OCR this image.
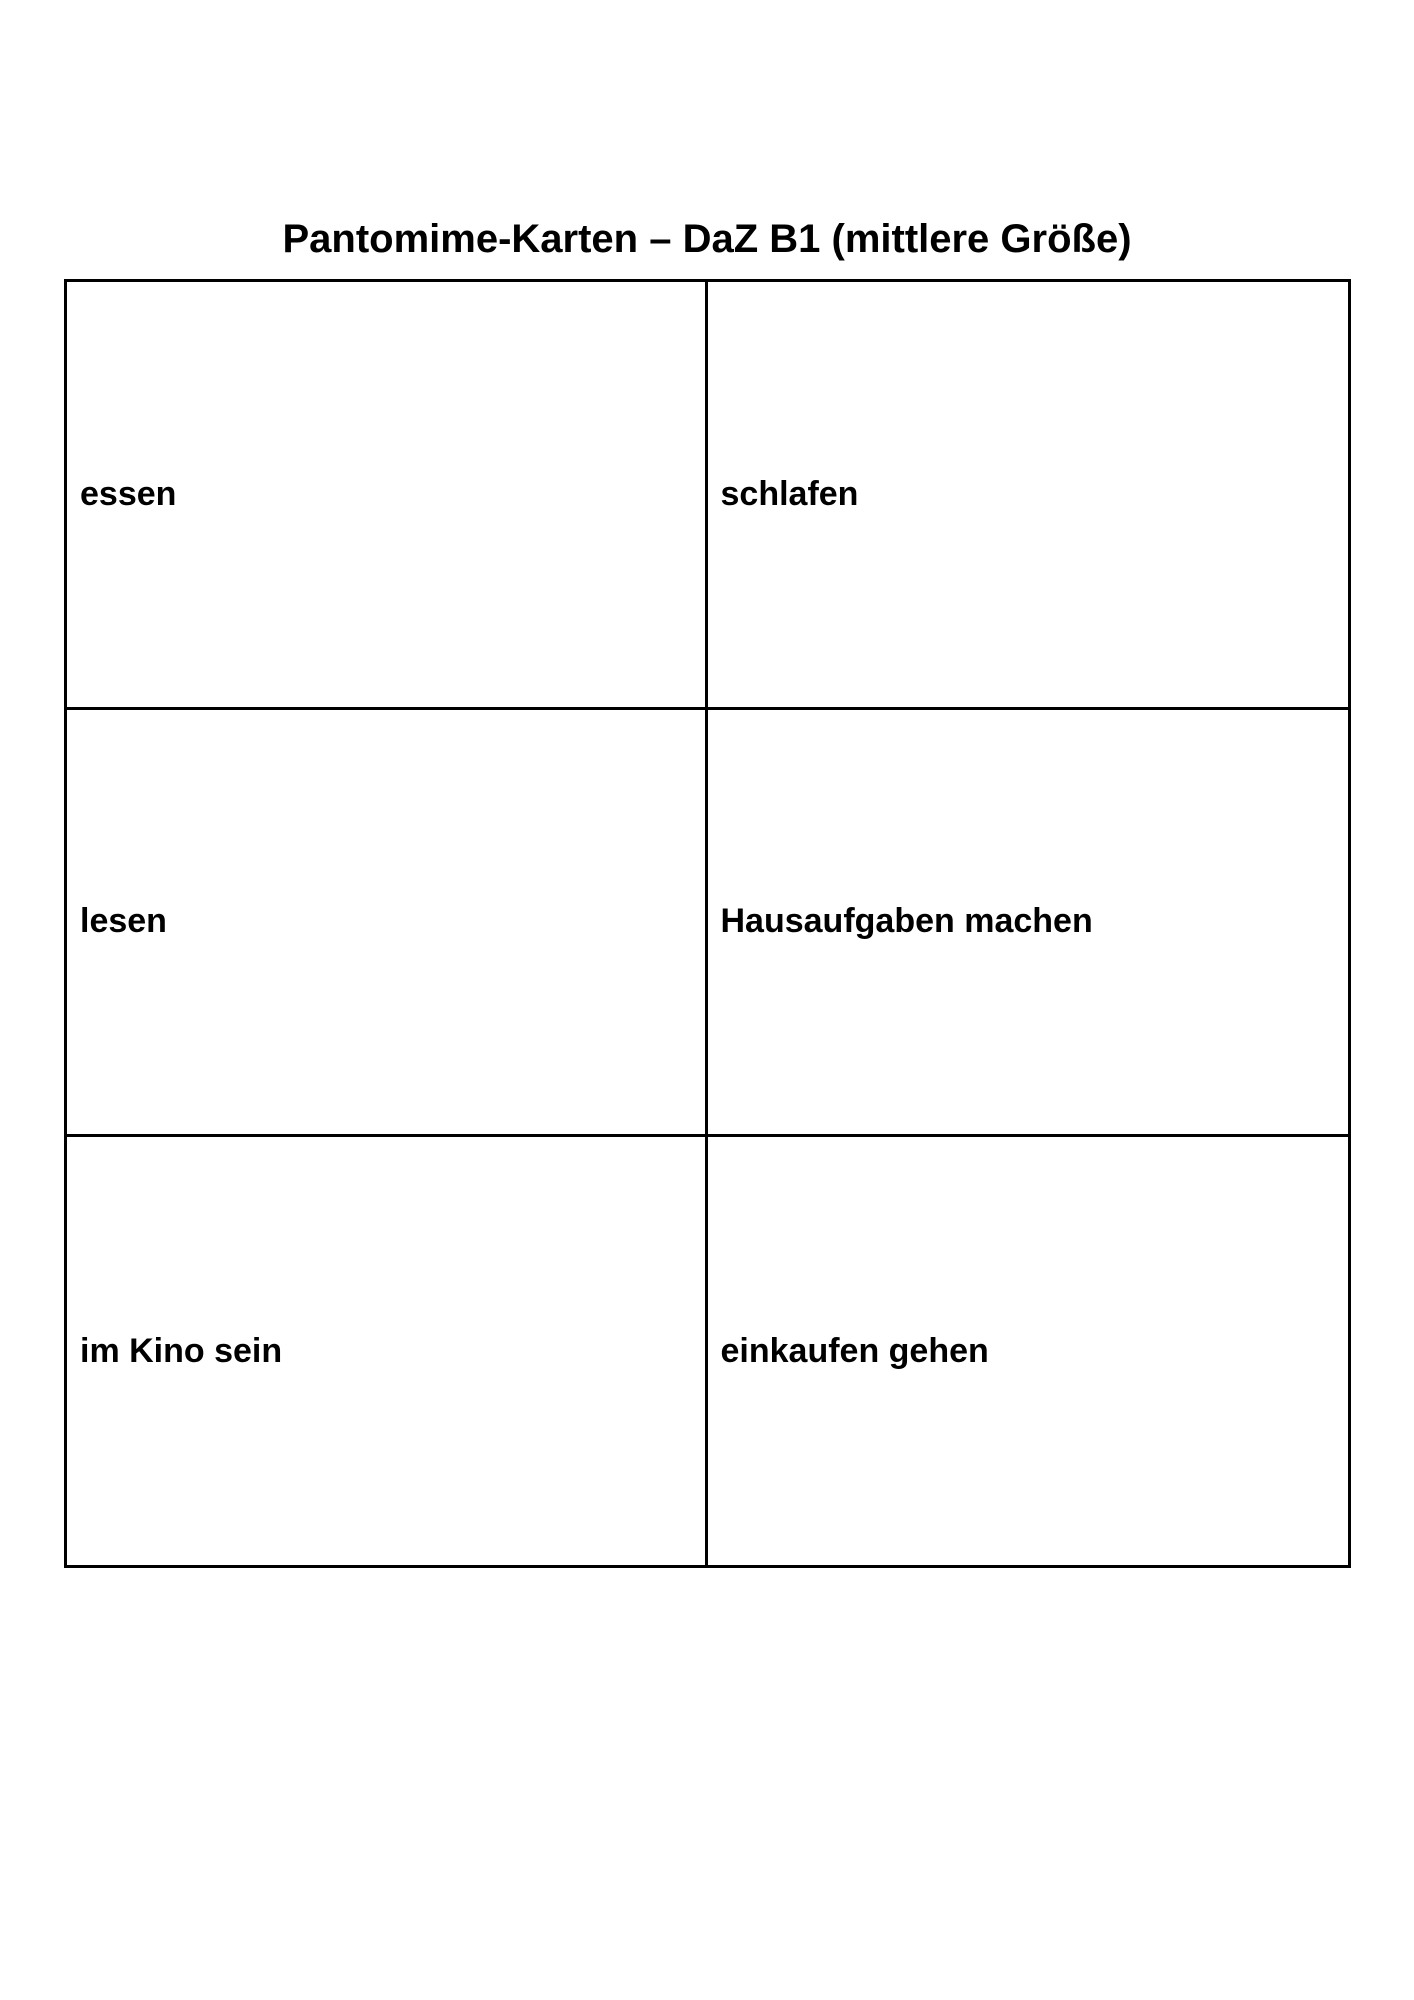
Pantomime-Karten – DaZ B1 (mittlere Größe)
essen	schlafen
lesen	Hausaufgaben machen
im Kino sein	einkaufen gehen
